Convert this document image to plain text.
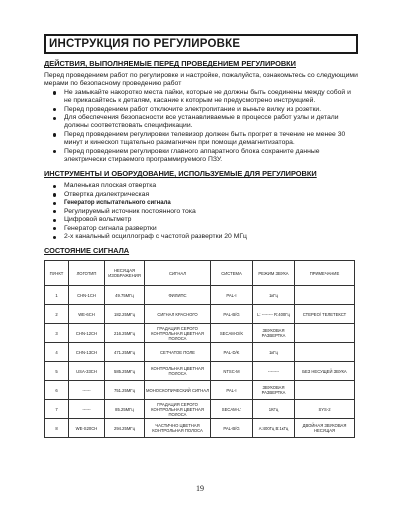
ИНСТРУКЦИЯ ПО РЕГУЛИРОВКЕ
ДЕЙСТВИЯ, ВЫПОЛНЯЕМЫЕ ПЕРЕД ПРОВЕДЕНИЕМ РЕГУЛИРОВКИ
Перед проведением работ по регулировке и настройке, пожалуйста, ознакомьтесь со следующими мерами по безопасному проведению работ
Не замыкайте накоротко места пайки, которые не должны быть соединены между собой и не прикасайтесь к деталям, касание к которым не предусмотрено инструкцией.
Перед проведением работ отключите электропитание и выньте вилку из розетки.
Для обеспечения безопасности все устанавливаемые в процессе работ узлы и детали должны соответствовать спецификации.
Перед проведением регулировки телевизор должен быть прогрет в течение не менее 30 минут и кинескоп тщательно размагничен при помощи демагнитизатора.
Перед проведением регулировки главного аппаратного блока сохраните данные электрически стираемого программируемого ПЗУ.
ИНСТРУМЕНТЫ И ОБОРУДОВАНИЕ, ИСПОЛЬЗУЕМЫЕ ДЛЯ РЕГУЛИРОВКИ
Маленькая плоская отвертка
Отвертка диэлектрическая
Генератор испытательного сигнала
Регулируемый источник постоянного тока
Цифровой вольтметр
Генератор сигнала развертки
2-х канальный осциллограф с частотой развертки 20 МГц
СОСТОЯНИЕ СИГНАЛА
ПУНКТ	ЛОГОТИП	НЕСУЩАЯ ИЗОБРАЖЕНИЯ	СИГНАЛ	СИСТЕМА	РЕЖИМ ЗВУКА	ПРИМЕЧАНИЕ
1	CHN-1CH	49.75МГц	ФИЛИПС	PAL-I	1кГц	
2	WE-6CH	182.25МГц	СИГНАЛ КРАСНОГО	PAL-B/G	L: -------- R:400Гц	СТЕРЕО/ ТЕЛЕТЕКСТ
3	CHN-12CH	216.25МГц	ГРАДАЦИЯ СЕРОГО КОНТРОЛЬНАЯ ЦВЕТНАЯ ПОЛОСА	SECAM-D/K	ЗВУКОВАЯ РАЗВЕРТКА	
4	CHN-13CH	471.25МГц	СЕТЧАТОЕ ПОЛЕ	PAL-D/K	1кГц	
5	USA-33CH	585.25МГц	КОНТРОЛЬНАЯ ЦВЕТНАЯ ПОЛОСА	NTSC-M	--------	БЕЗ НЕСУЩЕЙ ЗВУКА
6	------	751.25МГц	МОНОСКОПИЧЕСКИЙ СИГНАЛ	PAL-I	ЗВУКОВАЯ РАЗВЕРТКА	
7	------	85.25МГц	ГРАДАЦИЯ СЕРОГО КОНТРОЛЬНАЯ ЦВЕТНАЯ ПОЛОСА	SECAM-L'	1КГц	SYS-2
8	WE-S20CH	294.25МГц	ЧАСТИЧНО ЦВЕТНАЯ КОНТРОЛЬНАЯ ПОЛОСА	PAL-B/G	A:400Гц B:1кГц	ДВОЙНАЯ ЗВУКОВАЯ НЕСУЩАЯ
19
